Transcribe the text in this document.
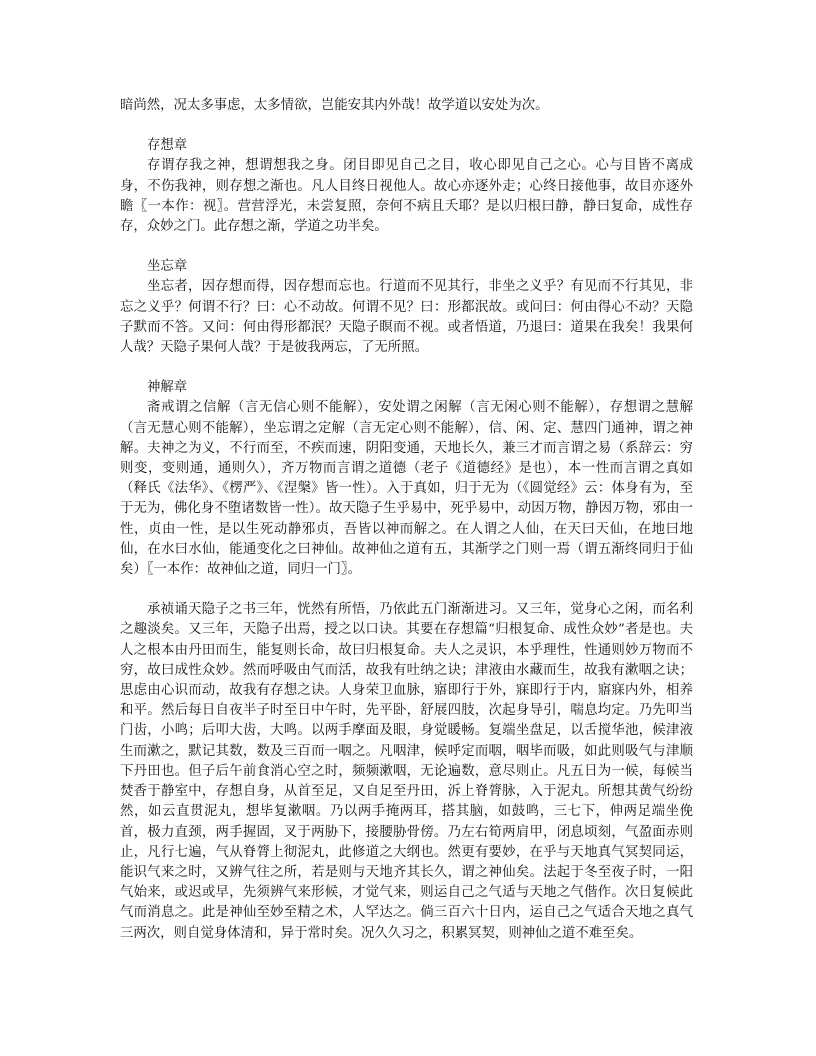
暗尚然，况太多事虑，太多情欲，岂能安其内外哉！故学道以安处为次。

存想章

存谓存我之神，想谓想我之身。闭目即见自己之目，收心即见自己之心。心与目皆不离成身，不伤我神，则存想之渐也。凡人目终日视他人。故心亦逐外走；心终日接他事，故目亦逐外瞻〖一本作：视〗。营营浮光，未尝复照，奈何不病且夭耶？是以归根曰静，静曰复命，成性存存，众妙之门。此存想之渐，学道之功半矣。

坐忘章

坐忘者，因存想而得，因存想而忘也。行道而不见其行，非坐之义乎？有见而不行其见，非忘之义乎？何谓不行？曰：心不动故。何谓不见？曰：形都泯故。或问曰：何由得心不动？天隐子默而不答。又问：何由得形都泯？天隐子瞑而不视。或者悟道，乃退曰：道果在我矣！我果何人哉？天隐子果何人哉？于是彼我两忘，了无所照。

神解章

斋戒谓之信解（言无信心则不能解），安处谓之闲解（言无闲心则不能解），存想谓之慧解（言无慧心则不能解），坐忘谓之定解（言无定心则不能解），信、闲、定、慧四门通神，谓之神解。夫神之为义，不行而至，不疾而速，阴阳变通，天地长久，兼三才而言谓之易（系辞云：穷则变，变则通，通则久），齐万物而言谓之道德（老子《道德经》是也），本一性而言谓之真如（释氏《法华》、《楞严》、《涅槃》皆一性）。入于真如，归于无为（《圆觉经》云：体身有为，至于无为，佛化身不堕诸数皆一性）。故天隐子生乎易中，死乎易中，动因万物，静因万物，邪由一性，贞由一性，是以生死动静邪贞，吾皆以神而解之。在人谓之人仙，在天曰天仙，在地曰地仙，在水曰水仙，能通变化之曰神仙。故神仙之道有五，其渐学之门则一焉（谓五渐终同归于仙矣）〖一本作：故神仙之道，同归一门〗。

承祯诵天隐子之书三年，恍然有所悟，乃依此五门渐渐进习。又三年，觉身心之闲，而名利之趣淡矣。又三年，天隐子出焉，授之以口诀。其要在存想篇“归根复命、成性众妙”者是也。夫人之根本由丹田而生，能复则长命，故曰归根复命。夫人之灵识，本乎理性，性通则妙万物而不穷，故曰成性众妙。然而呼吸由气而活，故我有吐纳之诀；津液由水藏而生，故我有漱咽之诀；思虑由心识而动，故我有存想之诀。人身荣卫血脉，寤即行于外，寐即行于内，寤寐内外，相养和平。然后每日自夜半子时至日中午时，先平卧，舒展四肢，次起身导引，喘息均定。乃先叩当门齿，小鸣；后叩大齿，大鸣。以两手摩面及眼，身觉暖畅。复端坐盘足，以舌搅华池，候津液生而漱之，默记其数，数及三百而一咽之。凡咽津，候呼定而咽，咽毕而吸，如此则吸气与津顺下丹田也。但子后午前食消心空之时，频频漱咽，无论遍数，意尽则止。凡五日为一候，每候当焚香于静室中，存想自身，从首至足，又自足至丹田，泝上脊膂脉，入于泥丸。所想其黄气纷纷然，如云直贯泥丸，想毕复漱咽。乃以两手掩两耳，搭其脑，如鼓鸣，三七下，伸两足端坐俛首，极力直颈，两手握固，叉于两胁下，接腰胁骨傍。乃左右筍两肩甲，闭息顷刻，气盈面赤则止，凡行七遍，气从脊膂上彻泥丸，此修道之大纲也。然更有要妙，在乎与天地真气冥契同运，能识气来之时，又辨气往之所，若是则与天地齐其长久，谓之神仙矣。法起于冬至夜子时，一阳气始来，或迟或早，先须辨气来形候，才觉气来，则运自己之气适与天地之气偕作。次日复候此气而消息之。此是神仙至妙至精之术，人罕达之。倘三百六十日内，运自己之气适合天地之真气三两次，则自觉身体清和，异于常时矣。况久久习之，积累冥契，则神仙之道不难至矣。
